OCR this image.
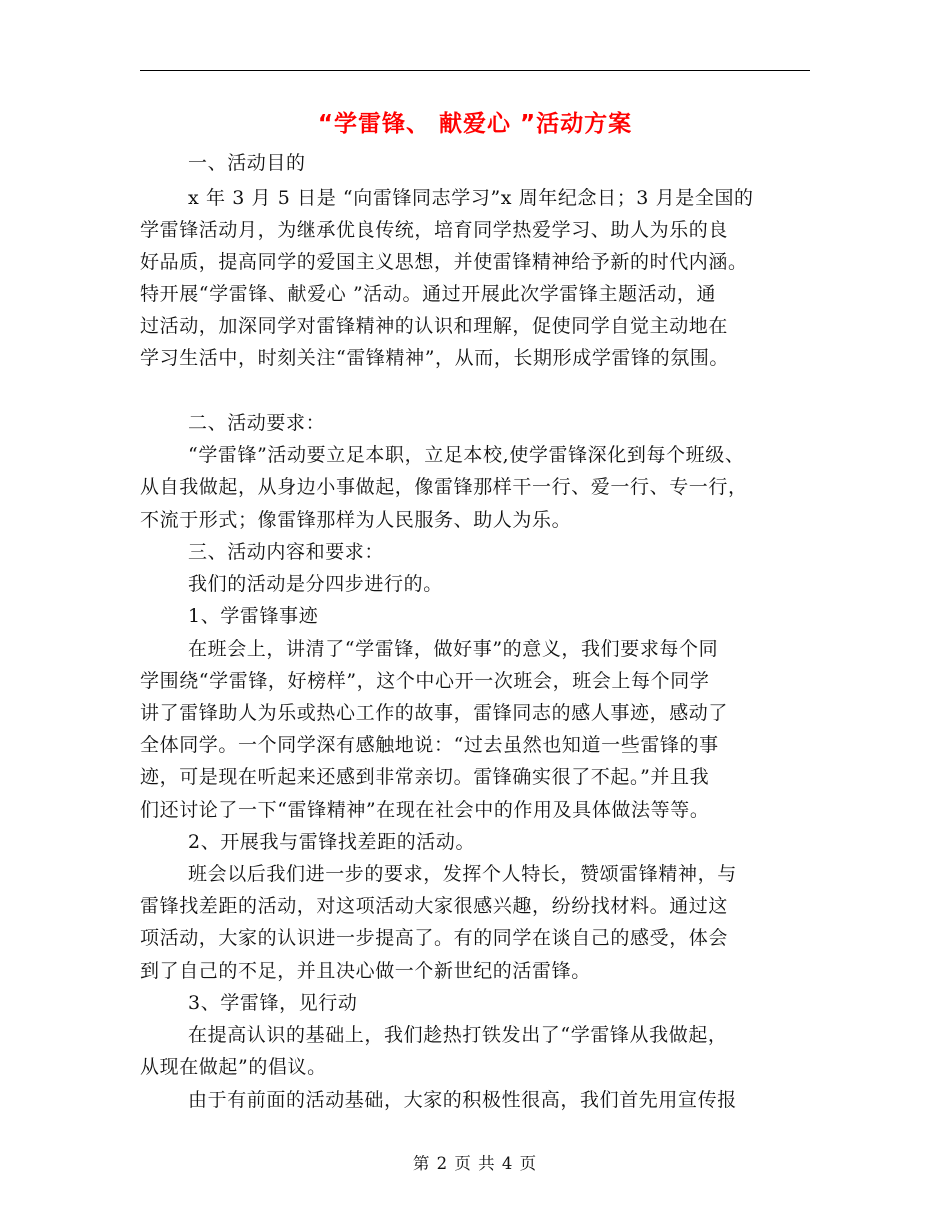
“学雷锋、 献爱心 ”活动方案
一、活动目的
x 年 3 月 5 日是 “向雷锋同志学习”x 周年纪念日；3 月是全国的
学雷锋活动月，为继承优良传统，培育同学热爱学习、助人为乐的良
好品质，提高同学的爱国主义思想，并使雷锋精神给予新的时代内涵。
特开展“学雷锋、献爱心 ”活动。通过开展此次学雷锋主题活动，通
过活动，加深同学对雷锋精神的认识和理解，促使同学自觉主动地在
学习生活中，时刻关注“雷锋精神”，从而，长期形成学雷锋的氛围。
二、活动要求：
“学雷锋”活动要立足本职，立足本校,使学雷锋深化到每个班级、
从自我做起，从身边小事做起，像雷锋那样干一行、爱一行、专一行，
不流于形式；像雷锋那样为人民服务、助人为乐。
三、活动内容和要求：
我们的活动是分四步进行的。
1、学雷锋事迹
在班会上，讲清了“学雷锋，做好事”的意义，我们要求每个同
学围绕“学雷锋，好榜样”，这个中心开一次班会，班会上每个同学
讲了雷锋助人为乐或热心工作的故事，雷锋同志的感人事迹，感动了
全体同学。一个同学深有感触地说：“过去虽然也知道一些雷锋的事
迹，可是现在听起来还感到非常亲切。雷锋确实很了不起。”并且我
们还讨论了一下“雷锋精神”在现在社会中的作用及具体做法等等。
2、开展我与雷锋找差距的活动。
班会以后我们进一步的要求，发挥个人特长，赞颂雷锋精神，与
雷锋找差距的活动，对这项活动大家很感兴趣，纷纷找材料。通过这
项活动，大家的认识进一步提高了。有的同学在谈自己的感受，体会
到了自己的不足，并且决心做一个新世纪的活雷锋。
3、学雷锋，见行动
在提高认识的基础上，我们趁热打铁发出了“学雷锋从我做起，
从现在做起”的倡议。
由于有前面的活动基础，大家的积极性很高，我们首先用宣传报
第 2 页 共 4 页
